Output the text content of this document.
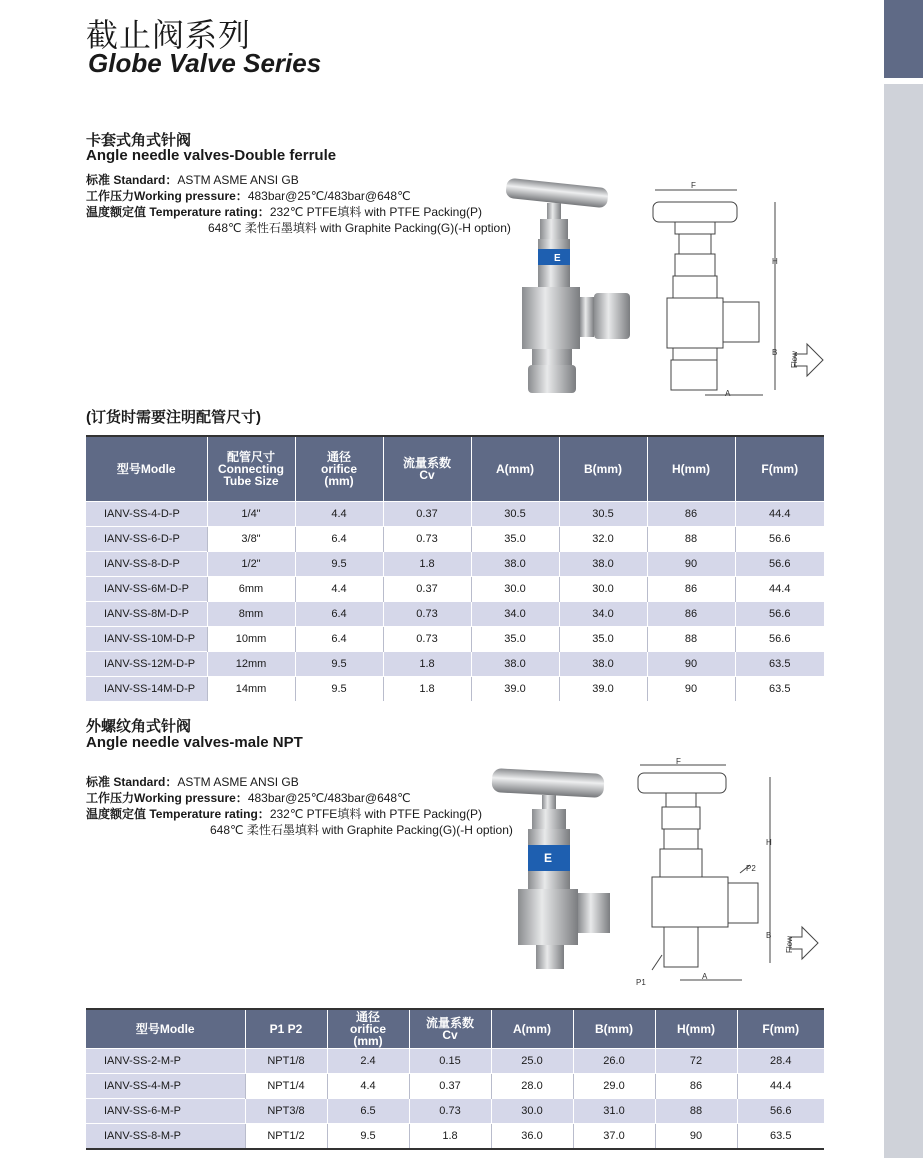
截止阀系列
Globe Valve Series
卡套式角式针阀
Angle needle valves-Double ferrule
标准 Standard：ASTM ASME ANSI GB
工作压力Working pressure：483bar@25℃/483bar@648℃
温度额定值 Temperature rating：232℃ PTFE填料 with PTFE Packing(P)
648℃ 柔性石墨填料 with Graphite Packing(G)(-H option)
E
F
H
B
A
Flow
(订货时需要注明配管尺寸)
型号Modle	配管尺寸
Connecting
Tube Size	通径
orifice
(mm)	流量系数
Cv	A(mm)	B(mm)	H(mm)	F(mm)
IANV-SS-4-D-P	1/4"	4.4	0.37	30.5	30.5	86	44.4
IANV-SS-6-D-P	3/8"	6.4	0.73	35.0	32.0	88	56.6
IANV-SS-8-D-P	1/2"	9.5	1.8	38.0	38.0	90	56.6
IANV-SS-6M-D-P	6mm	4.4	0.37	30.0	30.0	86	44.4
IANV-SS-8M-D-P	8mm	6.4	0.73	34.0	34.0	86	56.6
IANV-SS-10M-D-P	10mm	6.4	0.73	35.0	35.0	88	56.6
IANV-SS-12M-D-P	12mm	9.5	1.8	38.0	38.0	90	63.5
IANV-SS-14M-D-P	14mm	9.5	1.8	39.0	39.0	90	63.5
外螺纹角式针阀
Angle needle valves-male NPT
标准 Standard：ASTM ASME ANSI GB
工作压力Working pressure：483bar@25℃/483bar@648℃
温度额定值 Temperature rating：232℃ PTFE填料 with PTFE Packing(P)
648℃ 柔性石墨填料 with Graphite Packing(G)(-H option)
E
F
H
B
A
P2
P1
Flow
型号Modle	P1 P2	通径
orifice
(mm)	流量系数
Cv	A(mm)	B(mm)	H(mm)	F(mm)
IANV-SS-2-M-P	NPT1/8	2.4	0.15	25.0	26.0	72	28.4
IANV-SS-4-M-P	NPT1/4	4.4	0.37	28.0	29.0	86	44.4
IANV-SS-6-M-P	NPT3/8	6.5	0.73	30.0	31.0	88	56.6
IANV-SS-8-M-P	NPT1/2	9.5	1.8	36.0	37.0	90	63.5
